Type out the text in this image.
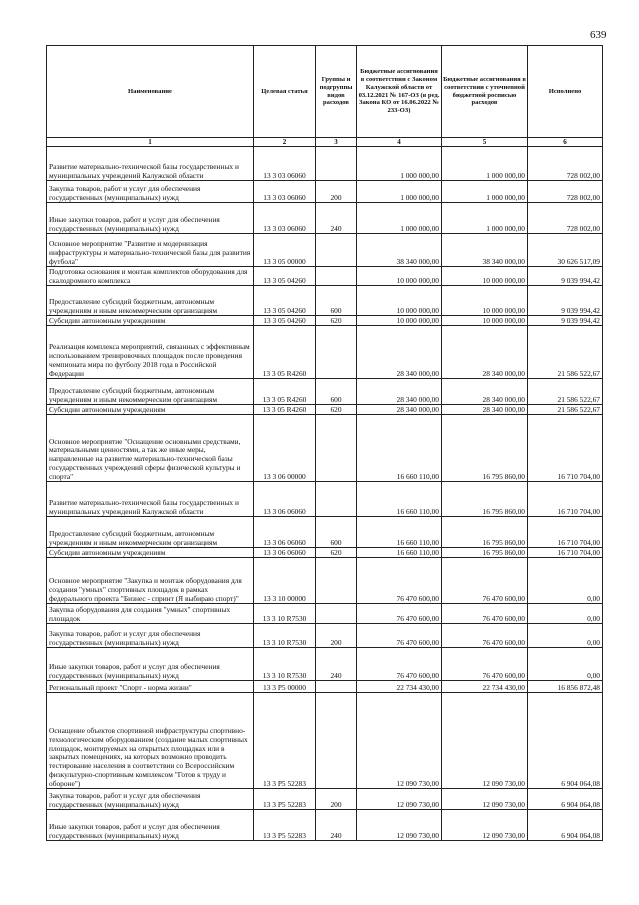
639
Наименование	Целевая статья	Группы и подгруппы видов расходов	Бюджетные ассигнования в соответствии с Законом Калужской области от 03.12.2021 № 167-ОЗ (в ред. Закона КО от 16.06.2022 № 233-ОЗ)	Бюджетные ассигнования в соответствии с уточненной бюджетной росписью расходов	Исполнено
1	2	3	4	5	6
Развитие материально-технической базы государственных и муниципальных учреждений Калужской области	13 3 03 06060		1 000 000,00	1 000 000,00	728 002,00
Закупка товаров, работ и услуг для обеспечения государственных (муниципальных) нужд	13 3 03 06060	200	1 000 000,00	1 000 000,00	728 002,00
Иные закупки товаров, работ и услуг для обеспечения государственных (муниципальных) нужд	13 3 03 06060	240	1 000 000,00	1 000 000,00	728 002,00
Основное мероприятие "Развитие и модернизация инфраструктуры и материально-технической базы для развития футбола"	13 3 05 00000		38 340 000,00	38 340 000,00	30 626 517,09
Подготовка основания и монтаж комплектов оборудования для скалодромного комплекса	13 3 05 04260		10 000 000,00	10 000 000,00	9 039 994,42
Предоставление субсидий бюджетным, автономным учреждениям и иным некоммерческим организациям	13 3 05 04260	600	10 000 000,00	10 000 000,00	9 039 994,42
Субсидии автономным учреждениям	13 3 05 04260	620	10 000 000,00	10 000 000,00	9 039 994,42
Реализация комплекса мероприятий, связанных с эффективным использованием тренировочных площадок после проведения чемпионата мира по футболу 2018 года в Российской Федерации	13 3 05 R4260		28 340 000,00	28 340 000,00	21 586 522,67
Предоставление субсидий бюджетным, автономным учреждениям и иным некоммерческим организациям	13 3 05 R4260	600	28 340 000,00	28 340 000,00	21 586 522,67
Субсидии автономным учреждениям	13 3 05 R4260	620	28 340 000,00	28 340 000,00	21 586 522,67
Основное мероприятие "Оснащение основными средствами, материальными ценностями, а так же иные меры, направленные на развитие материально-технической базы государственных учреждений сферы физической культуры и спорта"	13 3 06 00000		16 660 110,00	16 795 860,00	16 710 704,00
Развитие материально-технической базы государственных и муниципальных учреждений Калужской области	13 3 06 06060		16 660 110,00	16 795 860,00	16 710 704,00
Предоставление субсидий бюджетным, автономным учреждениям и иным некоммерческим организациям	13 3 06 06060	600	16 660 110,00	16 795 860,00	16 710 704,00
Субсидии автономным учреждениям	13 3 06 06060	620	16 660 110,00	16 795 860,00	16 710 704,00
Основное мероприятие "Закупка и монтаж оборудования для создания "умных" спортивных площадок в рамках федерального проекта "Бизнес - спринт (Я выбираю спорт)"	13 3 10 00000		76 470 600,00	76 470 600,00	0,00
Закупка оборудования для создания "умных" спортивных площадок	13 3 10 R7530		76 470 600,00	76 470 600,00	0,00
Закупка товаров, работ и услуг для обеспечения государственных (муниципальных) нужд	13 3 10 R7530	200	76 470 600,00	76 470 600,00	0,00
Иные закупки товаров, работ и услуг для обеспечения государственных (муниципальных) нужд	13 3 10 R7530	240	76 470 600,00	76 470 600,00	0,00
Региональный проект "Спорт - норма жизни"	13 3 P5 00000		22 734 430,00	22 734 430,00	16 856 872,48
Оснащение объектов спортивной инфраструктуры спортивно-технологическим оборудованием (создание малых спортивных площадок, монтируемых на открытых площадках или в закрытых помещениях, на которых возможно проводить тестирование населения в соответствии со Всероссийским физкультурно-спортивным комплексом "Готов к труду и обороне")	13 3 P5 52283		12 090 730,00	12 090 730,00	6 904 064,08
Закупка товаров, работ и услуг для обеспечения государственных (муниципальных) нужд	13 3 P5 52283	200	12 090 730,00	12 090 730,00	6 904 064,08
Иные закупки товаров, работ и услуг для обеспечения государственных (муниципальных) нужд	13 3 P5 52283	240	12 090 730,00	12 090 730,00	6 904 064,08
